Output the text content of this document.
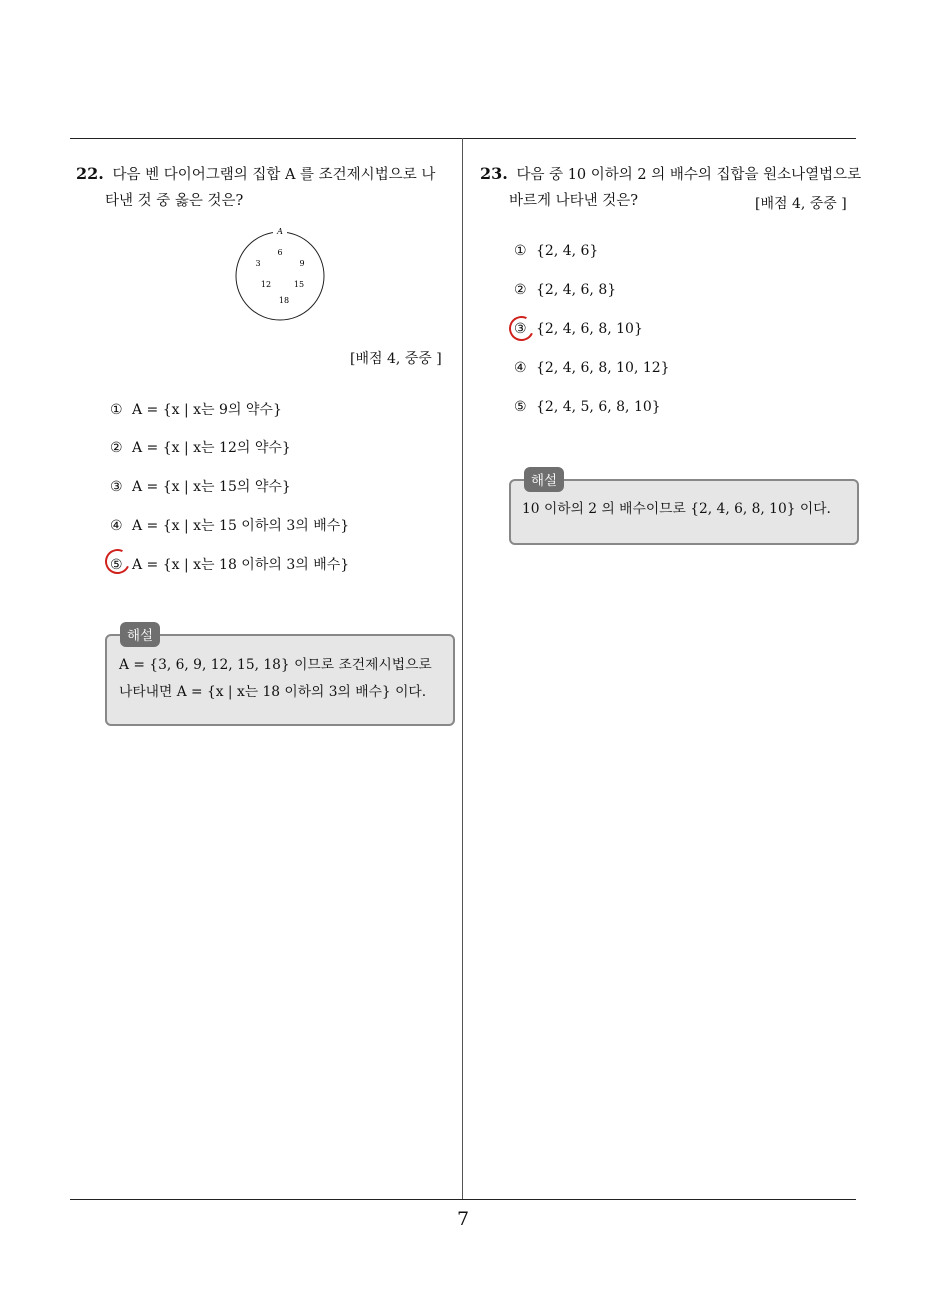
22. 다음 벤 다이어그램의 집합 A 를 조건제시법으로 나
타낸 것 중 옳은 것은?
A
6
3	9
12	15
18
[배점 4, 중중 ]
① A = {x | x는 9의 약수}
② A = {x | x는 12의 약수}
③ A = {x | x는 15의 약수}
④ A = {x | x는 15 이하의 3의 배수}
⑤ A = {x | x는 18 이하의 3의 배수}
해설
A = {3, 6, 9, 12, 15, 18} 이므로 조건제시법으로
나타내면 A = {x | x는 18 이하의 3의 배수} 이다.
23. 다음 중 10 이하의 2 의 배수의 집합을 원소나열법으로
바르게 나타낸 것은?	[배점 4, 중중 ]
① {2, 4, 6}
② {2, 4, 6, 8}
③ {2, 4, 6, 8, 10}
④ {2, 4, 6, 8, 10, 12}
⑤ {2, 4, 5, 6, 8, 10}
해설
10 이하의 2 의 배수이므로 {2, 4, 6, 8, 10} 이다.
7
